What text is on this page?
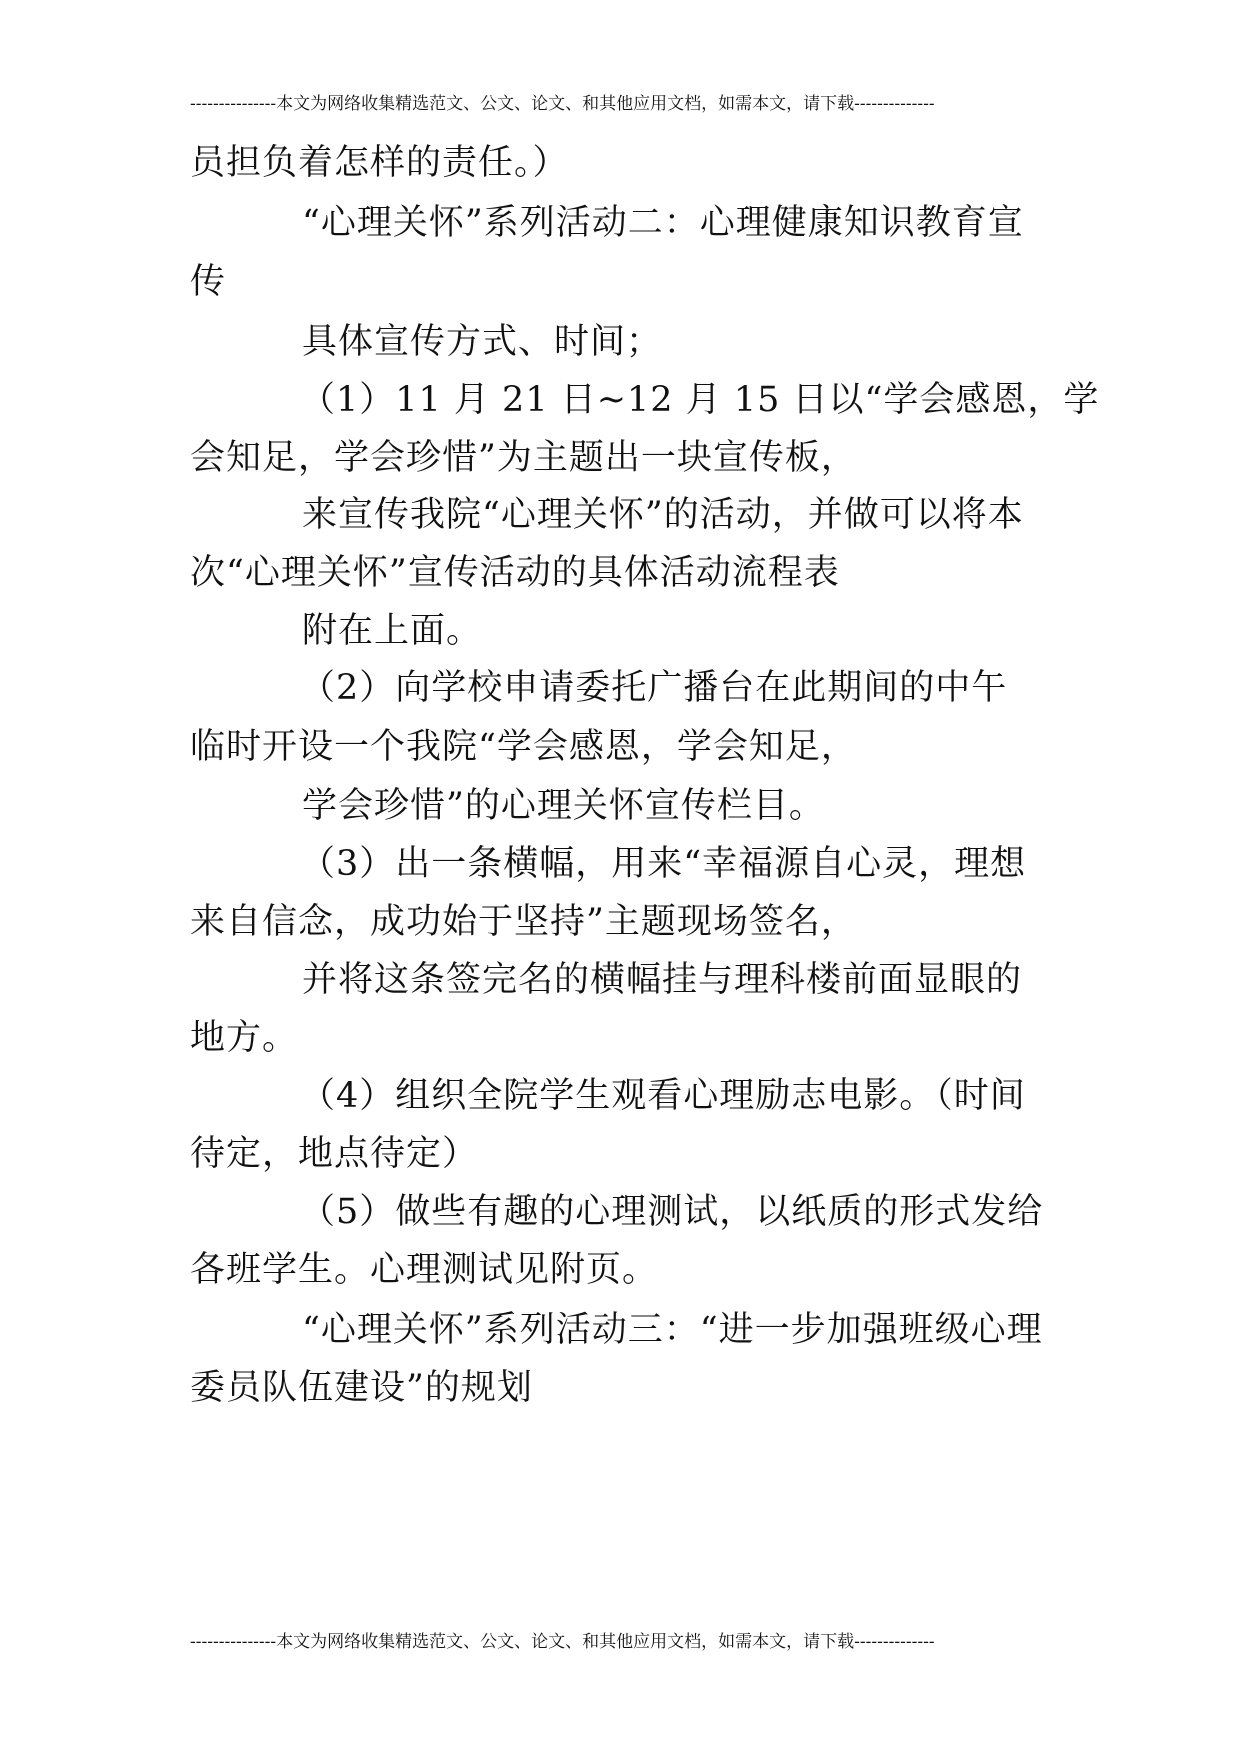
---------------本文为网络收集精选范文、公文、论文、和其他应用文档，如需本文，请下载--------------
员担负着怎样的责任。）
“心理关怀”系列活动二：心理健康知识教育宣
传
具体宣传方式、时间；
（1）11 月 21 日~12 月 15 日以“学会感恩，学
会知足，学会珍惜”为主题出一块宣传板，
来宣传我院“心理关怀”的活动，并做可以将本
次“心理关怀”宣传活动的具体活动流程表
附在上面。
（2）向学校申请委托广播台在此期间的中午
临时开设一个我院“学会感恩，学会知足，
学会珍惜”的心理关怀宣传栏目。
（3）出一条横幅，用来“幸福源自心灵，理想
来自信念，成功始于坚持”主题现场签名，
并将这条签完名的横幅挂与理科楼前面显眼的
地方。
（4）组织全院学生观看心理励志电影。（时间
待定，地点待定）
（5）做些有趣的心理测试，以纸质的形式发给
各班学生。心理测试见附页。
“心理关怀”系列活动三：“进一步加强班级心理
委员队伍建设”的规划
---------------本文为网络收集精选范文、公文、论文、和其他应用文档，如需本文，请下载--------------
